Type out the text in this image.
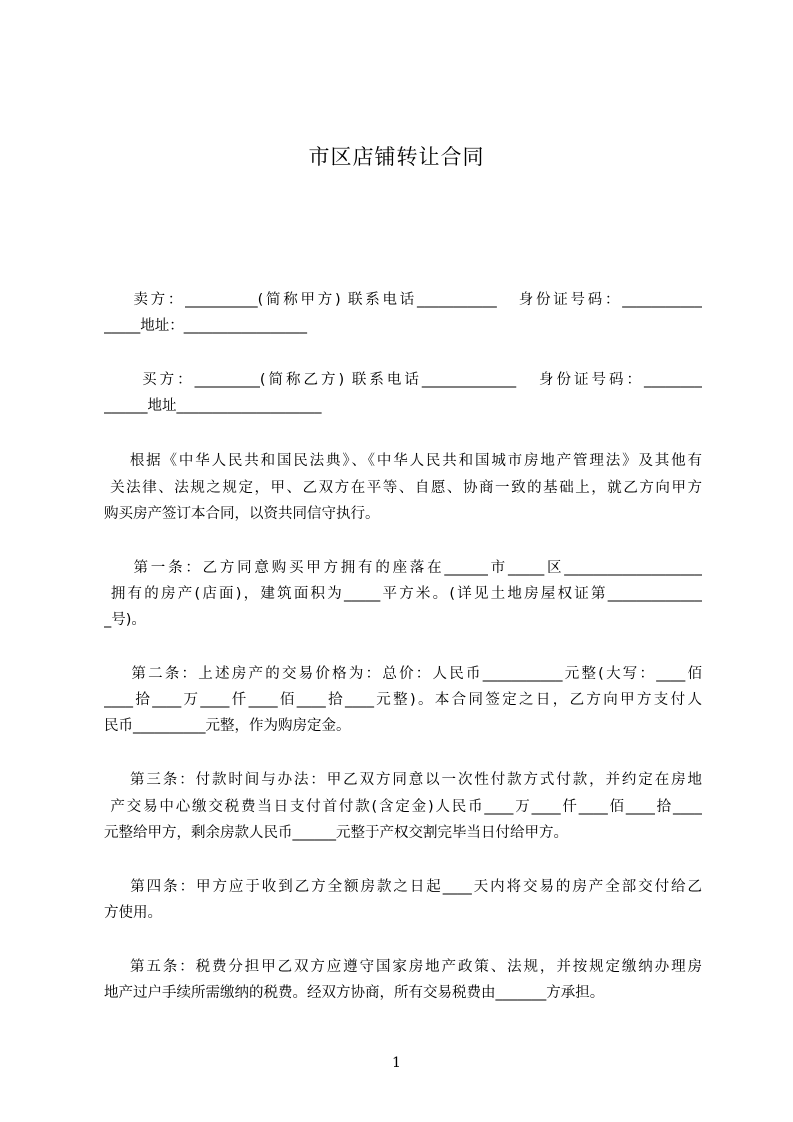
市区店铺转让合同
卖方：__________(简称甲方) 联系电话___________   身份证号码：___________
_____地址：_________________
买方：_________(简称乙方) 联系电话_____________   身份证号码：________
______地址____________________
根据《中华人民共和国民法典》、《中华人民共和国城市房地产管理法》及其他有
关法律、法规之规定，甲、乙双方在平等、自愿、协商一致的基础上，就乙方向甲方
购买房产签订本合同，以资共同信守执行。
第一条：乙方同意购买甲方拥有的座落在______市_____区___________________
拥有的房产(店面)，建筑面积为_____平方米。(详见土地房屋权证第_____________
_号)。
第二条：上述房产的交易价格为：总价：人民币___________元整(大写：____佰
____拾____万____仟____佰____拾____元整)。本合同签定之日，乙方向甲方支付人
民币__________元整，作为购房定金。
第三条：付款时间与办法：甲乙双方同意以一次性付款方式付款，并约定在房地
产交易中心缴交税费当日支付首付款(含定金)人民币____万____仟____佰____拾____
元整给甲方，剩余房款人民币______元整于产权交割完毕当日付给甲方。
第四条：甲方应于收到乙方全额房款之日起____天内将交易的房产全部交付给乙
方使用。
第五条：税费分担甲乙双方应遵守国家房地产政策、法规，并按规定缴纳办理房
地产过户手续所需缴纳的税费。经双方协商，所有交易税费由_______方承担。
1
